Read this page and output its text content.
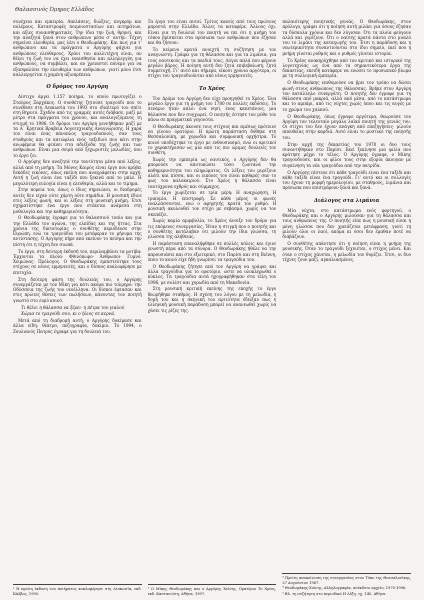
Θαλασσινός Όμηρος Ελλάδος

συνέχεια και εμπειρία. Απελάσεις, διώξεις, πογκρόμ και πολέμους. Καταστροφές ποιμνιοστασίων και αιτημάτων, και αξίες συναισθηματικές. Την ίδια την ζωή, θρηνεί, και την αναζητά ξανά στον ανθρώπινο μέσα σ’ αυτήν. Τέχνη σημαίνει ελευθερία, μας λέει ο Θεοδωράκης. Και πως για τ’ ανθρώπινο και τα πράγματα ο Αργύρης ψάχνει για ανθρώπους ελεύθερους. Χρόνι του καλλιτέχνη είναι, αν θέλει τη ζωή του να έχει ευαισθησία και αλληλεγγύη για ανθρώπους, να συμβάλει, και αν χρειαστεί πόνεμο για να εξασφαλίσει την ελευθερία των ανθρώπων, γιατί μόνο έτσι καλλιεργείται η χαμένη αξιοπρέπεια.

Ο δρόμος του Αργύρη

Δίστιχο άργει 1.157 ποίημα, το οποίο πρωτογίζει ο Σταύρος Ξαρχάκος. Ο συνθέτης ζητούσε τραγούδι που το συνέθεσε στη Λευκωσία του 1993 στο ιδιαίτερό του σπίτι στη Βηρυτό. Σχεδόν από τις γραμμές αυτές διάβασε, μαζί με μέτρο στα πράγματα του χρόνου, και αναλογιζόμενος τη στιγμή το 1996. Οι δρόμοι του Αργύρη γεννήθηκαν μαζί με τα Α΄ Κρητικά Βραβεία Λογοτεχνικής Αναγνώρισης. Η χαρά του είναι ένας πάνοπλος τραγουδοποιός, σαν τους σταθμούς και τα κατώφλια ενός ταξιδιού που κάτι στην ανωφέρεια θα φτάνει στα αδιέξοδα της ζωής και των ανθρώπων. Είναι μια σειρά από ξεχωριστές μελωδίες, που το έργο ζει.

Ο Αργύρης δεν αναζητά την ταυτότητα μέσα από λέξεις, αλλά από τη μνήμη. Τα Μόνος Καιρός είναι έργο που κρύβει δεκάδες εικόνες, όπως εκείνη που αναγράφεται στην αρχή: Αυτή η ζωή είναι ένα ταξίδι που ξεκινά από το μπλε. Η μεγαλύτερη ευλογία είναι η ελευθερία, αλλά και το τίμημα.

Στην πορεία του, όπως ο ίδιος σημειώνει, οι διαδρομές αυτές δεν είχαν ούτε χάρτη ούτε σημάδια. Η μουσική έδινε στις λέξεις φωνή, και οι λέξεις στη μουσική μνήμη. Έτσι σχηματίστηκε ένα έργο που στέκεται ανάμεσα στη μυθολογία και την καθημερινότητα.

Ο Θεοδωράκης έγραφε για το θαλασσινό τοπίο και για την Ελλάδα του αγώνα, της ελπίδας και της ήττας. Στα χρόνια της δικτατορίας ο συνθέτης περιόδευσε στην Ευρώπη, ενώ τα τραγούδια του μετέφεραν το μήνυμα της αντίστασης. Ο Αργύρης πήρε από εκείνον το πείσμα και την πίστη ότι η τέχνη δεν σιωπά.

Το έργο, στη δεύτερη έκδοσή του, περιλαμβάνει τα μοτίβα: Έρχονται τα πλοία· Φθινόπωρο· Άνθρωποι· Γυμνό. Χειμώνας· Πρόλογος. Ο Θεοδωράκης εμπιστεύτηκε τους στίχους σε νέους ερμηνευτές, και ο δίσκος κυκλοφόρησε με επιτυχία.

Στη δεύτερη φάση της δουλειάς του, ο Αργύρης συνεργάζεται με τον Μίκη για κάτι ακόμα πιο τολμηρό: την Οδύσσεια της ζωής του νεοέλληνα. Οι δίσκοι έφτασαν και στις πρώτες θέσεις των πωλήσεων, κάνοντας τον ποιητή γνωστό στο ευρύ κοινό.

Τι θέλει η θάλασσα να ξέρει· η πέτρα του γιαλού

Χώρια το τραγούδι σου, κι ο ήλιος σε κερνά.

Μετά από τη διαδρομή αυτή, ο Αργύρης δοκίμασε και άλλα είδη: θέατρο, πεζογραφία, δοκίμιο. Το 1994, ο Ζουλιανός Πατρός έγραφε για τη δουλειά του.

¹ Η πρώτη έκδοση του ποιήματος κυκλοφόρησε στη Λευκωσία, εκδ. Κάλβος, 1995.

Τα έργα του είναι αυτοί. Τρίτος κανείς από τους πρώτους μπροστά στην Ελλάδα. Άλλες τα καταφέρε. Άλλους όχι. Είναι για τη δουλειά του ποιητή να πει ότι η μνήμη του τόπου βρίσκεται στα πρόσωπα των ανθρώπων που έζησαν και θα ζήσουν.

Το κείμενο κρατά ανοιχτή τη συζήτηση με τον αναγνώστη. Γράφει για τη θάλασσα και για τα λιμάνια, για τους ναυτικούς και τα παιδιά τους. Λόγια απλά που φέρουν μεγάλο βάρος. Η ποίηση αυτή δεν ζητά επιβεβαίωση, ζητά συμμετοχή. Γι’ αυτό και σήμερα, είκοσι χρόνια αργότερα, οι στίχοι του τραγουδιούνται από νέους ερμηνευτές.

Το Χρέος

Τον Δρόμο του Αργύρη δεν είχε προηγηθεί το Χρέος. Ένα μεγάλο έργο για τη μνήμη του 1780 σε πολλές εκδόσεις. Το σενάριο ήταν απλό: ένα νησί, ένας καπετάνιος, μια θάλασσα που δεν συγχωρεί. Ο ποιητής έστησε τον μύθο του πάνω σε πραγματικά γεγονότα.

Ο Θεοδωράκης άκουσε τους στίχους και αμέσως πρότεινε να γίνουν ορατόριο. Η πρώτη παράσταση δόθηκε στη Θεσσαλονίκη, με χορωδία και συμφωνική ορχήστρα. Το κοινό υποδέχτηκε το έργο με ενθουσιασμό, ενώ οι κριτικοί το χαρακτήρισαν ως μία από τις πιο ώριμες δουλειές του συνθέτη.

Χωρίς την εμπειρία ως ναυτικός, ο Αργύρης δεν θα μπορούσε να αποτυπώσει τόσο ζωντανά την καθημερινότητα του πληρώματος. Οι λέξεις του μυρίζουν αλάτι και πίσσα, και οι εικόνες του είναι καθαρές σαν το φως του καλοκαιριού. Στο Χρέος η θάλασσα είναι ταυτόχρονα εχθρός και σύμμαχος.

Το έργο χωρίζεται σε τρία μέρη: Η αναχώρηση, Η τρικυμία, Η επιστροφή. Σε κάθε μέρος οι φωνές εναλλάσσονται, ενώ ο αφηγητής κρατά τον ρυθμό. Η μουσική ακολουθεί τον στίχο με σεβασμό, χωρίς να τον σκεπάζει.

Χωρίς καμία αμφιβολία, το Χρέος άνοιξε τον δρόμο για τις επόμενες συνεργασίες. Ήταν η στιγμή που ο ποιητής και ο συνθέτης κατάλαβαν ότι μιλούν την ίδια γλώσσα, τη γλώσσα της αλήθειας.

Η παράσταση επαναλήφθηκε σε πολλές πόλεις και έγινε γνωστή πέρα από τα σύνορα. Ο Θεοδωράκης ήθελε να την παρουσιάσει και στο εξωτερικό, στο Παρίσι και στη Βιέννη, όπου το κοινό είχε ήδη γνωρίσει τα τραγούδια του.

Ο Θεοδωράκης ζήτησε από τον Αργύρη να γράψει και άλλα τραγούδια για το ορατόριο, ώστε να ολοκληρωθεί ο κύκλος. Τα τραγούδια αυτά ηχογραφήθηκαν στα τέλη του 1996, με σολίστ και χορωδία από τη Μακεδονία.

Στη μουσική κριτική εκείνης της εποχής το έργο θεωρήθηκε σταθμός. Η σχέση του λόγου με τη μελωδία, η δομή του και η σκηνική του αρτιότητα έδειξαν πως η ελληνική μουσική παράδοση μπορεί να ανανεωθεί χωρίς να χάσει τις ρίζες της.

² Ο Μίκης Θεοδωράκης και ο Αργύρης Χιόνης, Ορατόριο Το Χρέος, εκδ. Καστανιώτη, Αθήνα, 1997.

παλαιότερης ποιητικής γενιάς. Ο Θεοδωράκης, στον πρόλογο, γράφει ότι η ποίηση αυτή μιλάει για όσους έζησαν τα δύσκολα χρόνια και δεν λύγισαν. Ότι τα πλοία φεύγουν αλλά και γυρίζουν. Ότι ο ναύτης κρατά πάντα στο μυαλό του το λιμάνι της καταγωγής του. Έτσι η παράδοση και η νεωτερικότητα συναντιούνται στο ίδιο σημείο, εκεί που η μνήμη γίνεται ρυθμός και ο ρυθμός γίνεται ιστορία.

Το Χρέος ανακηρύχθηκε από τον κριτικό και ιστορικό της λογοτεχνίας ως ένα από τα σημαντικότερα έργα της δεκαετίας, επειδή κατάφερε να ενώσει το προσωπικό βίωμα με τη συλλογική εμπειρία.

Ο Θεοδωράκης επιθυμούσε να βρει τον τρόπο να δώσει φωνή στους ανθρώπους της θάλασσας. Βρήκε στον Αργύρη τον κατάλληλο συνεργάτη. Ο ποιητής δεν έγραφε για τη θάλασσα από μακριά, αλλά από μέσα, από το κατάστρωμα και το αμπάρι, από τις νύχτες χωρίς ύπνο και τις αυγές με το χρώμα του χαλκού.

Ο Θεοδωράκης, όπως έγραψε αργότερα, θεωρούσε τον Αργύρη τον τελευταίο μεγάλο λαϊκό ποιητή της γενιάς του. Οι στίχοι του δεν έχουν ανάγκη από επεξηγήσεις· μιλούν απευθείας στην καρδιά. Αυτό είναι το μυστικό της ποίησής του.

Στην αρχή της δεκαετίας του 1970 οι δυο τους συναντήθηκαν στο Παρίσι. Εκεί ξεκίνησε μια φιλία που κράτησε μέχρι το τέλος. Ο Αργύρης έγραφε, ο Μίκης τραγουδούσε, και οι φίλοι τους στην εξορία άκουγαν με συγκίνηση τα νέα τραγούδια από την πατρίδα.

Ο Αργύρης πίστευε ότι κάθε τραγούδι είναι ένα ταξίδι και κάθε ταξίδι είναι ένα τραγούδι. Γι’ αυτό και οι συλλογές του έχουν τη μορφή ημερολογίου, με σταθμούς, λιμάνια και πρόσωπα που επιστρέφουν ξανά και ξανά.

Διάλογος στα λιμάνια

Μία νύχτα, στο κατάστρωμα ενός φορτηγού, ο Θεοδωράκης και ο Αργύρης μιλούσαν για τη θάλασσα και τους ανθρώπους της. Ο ποιητής είπε πως η μουσική είναι η μόνη γλώσσα που δεν χρειάζεται μετάφραση, γιατί τη μιλούν όλοι οι λαοί, ακόμα κι όσοι δεν έμαθαν ποτέ να διαβάζουν.

Ο συνθέτης απάντησε ότι η ποίηση είναι η μνήμη της μουσικής. Όταν το τραγούδι ξεχνιέται, ο στίχος μένει. Και όταν ο στίχος χάνεται, η μελωδία τον θυμίζει. Έτσι, οι δυο τέχνες ζουν μαζί, αγκαλιασμένες.

³ Πρώτη ανακοίνωση της συνεργασίας στον Τύπο της Θεσσαλονίκης, 27 Αυγούστου 1967.

⁴ Θεοδωράκης-Χιόνης, Αλληλογραφία, ανέκδοτο αρχείο, 1970-1996.

⁵ Βλ. τη συζήτηση στο περιοδικό Η Λέξη, τχ. 140, Αθήνα.
